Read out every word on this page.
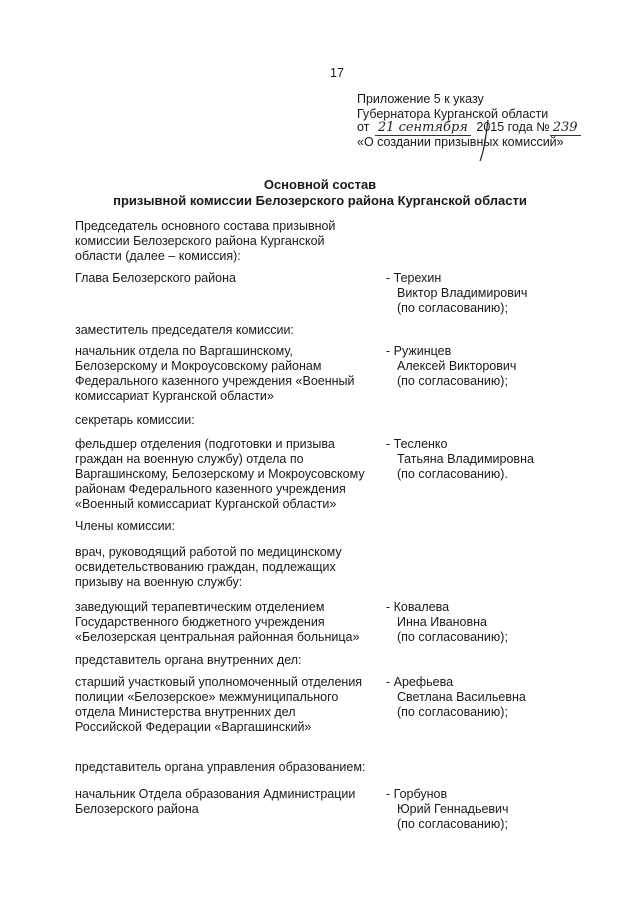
17
Приложение 5 к указу
Губернатора Курганской области
от 21 сентября 2015 года № 239
«О создании призывных комиссий»
Основной состав
призывной комиссии Белозерского района Курганской области
Председатель основного состава призывной
комиссии Белозерского района Курганской
области (далее – комиссия):
Глава Белозерского района	- Терехин
Виктор Владимирович
(по согласованию);
заместитель председателя комиссии:
начальник отдела по Варгашинскому,
Белозерскому и Мокроусовскому районам
Федерального казенного учреждения «Военный
комиссариат Курганской области»
- Ружинцев
Алексей Викторович
(по согласованию);
секретарь комиссии:
фельдшер отделения (подготовки и призыва
граждан на военную службу) отдела по
Варгашинскому, Белозерскому и Мокроусовскому
районам Федерального казенного учреждения
«Военный комиссариат Курганской области»
- Тесленко
Татьяна Владимировна
(по согласованию).
Члены комиссии:
врач, руководящий работой по медицинскому
освидетельствованию граждан, подлежащих
призыву на военную службу:
заведующий терапевтическим отделением
Государственного бюджетного учреждения
«Белозерская центральная районная больница»
- Ковалева
Инна Ивановна
(по согласованию);
представитель органа внутренних дел:
старший участковый уполномоченный отделения
полиции «Белозерское» межмуниципального
отдела Министерства внутренних дел
Российской Федерации «Варгашинский»
- Арефьева
Светлана Васильевна
(по согласованию);
представитель органа управления образованием:
начальник Отдела образования Администрации
Белозерского района
- Горбунов
Юрий Геннадьевич
(по согласованию);
